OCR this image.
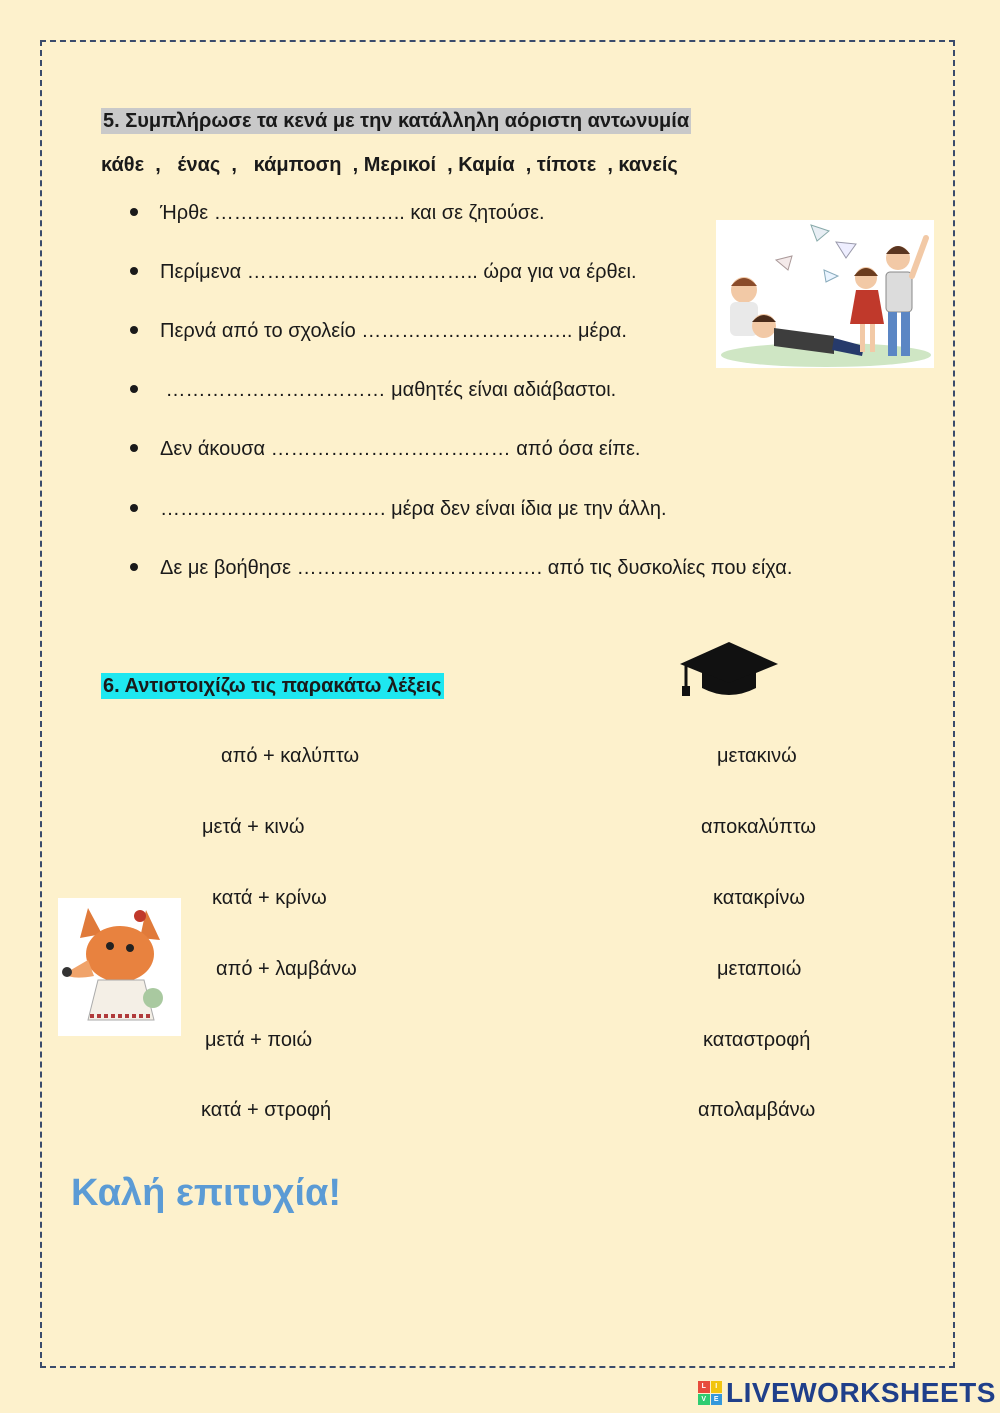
5. Συμπλήρωσε τα κενά με την κατάλληλη αόριστη αντωνυμία
κάθε  ,   ένας  ,   κάμποση  , Μερικοί  , Καμία  , τίποτε  , κανείς
Ήρθε ……………………….. και σε ζητούσε.
Περίμενα …………………………….. ώρα για να έρθει.
Περνά από το σχολείο ………………………….. μέρα.
…………………………… μαθητές είναι αδιάβαστοι.
Δεν άκουσα ……………………………… από όσα είπε.
……………………………. μέρα δεν είναι ίδια με την άλλη.
Δε με βοήθησε ………………………………. από τις δυσκολίες που είχα.
6. Αντιστοιχίζω τις παρακάτω λέξεις
από + καλύπτω
μετά + κινώ
κατά + κρίνω
από + λαμβάνω
μετά + ποιώ
κατά + στροφή
μετακινώ
αποκαλύπτω
κατακρίνω
μεταποιώ
καταστροφή
απολαμβάνω
Καλή επιτυχία!
L	I
V	E LIVEWORKSHEETS
